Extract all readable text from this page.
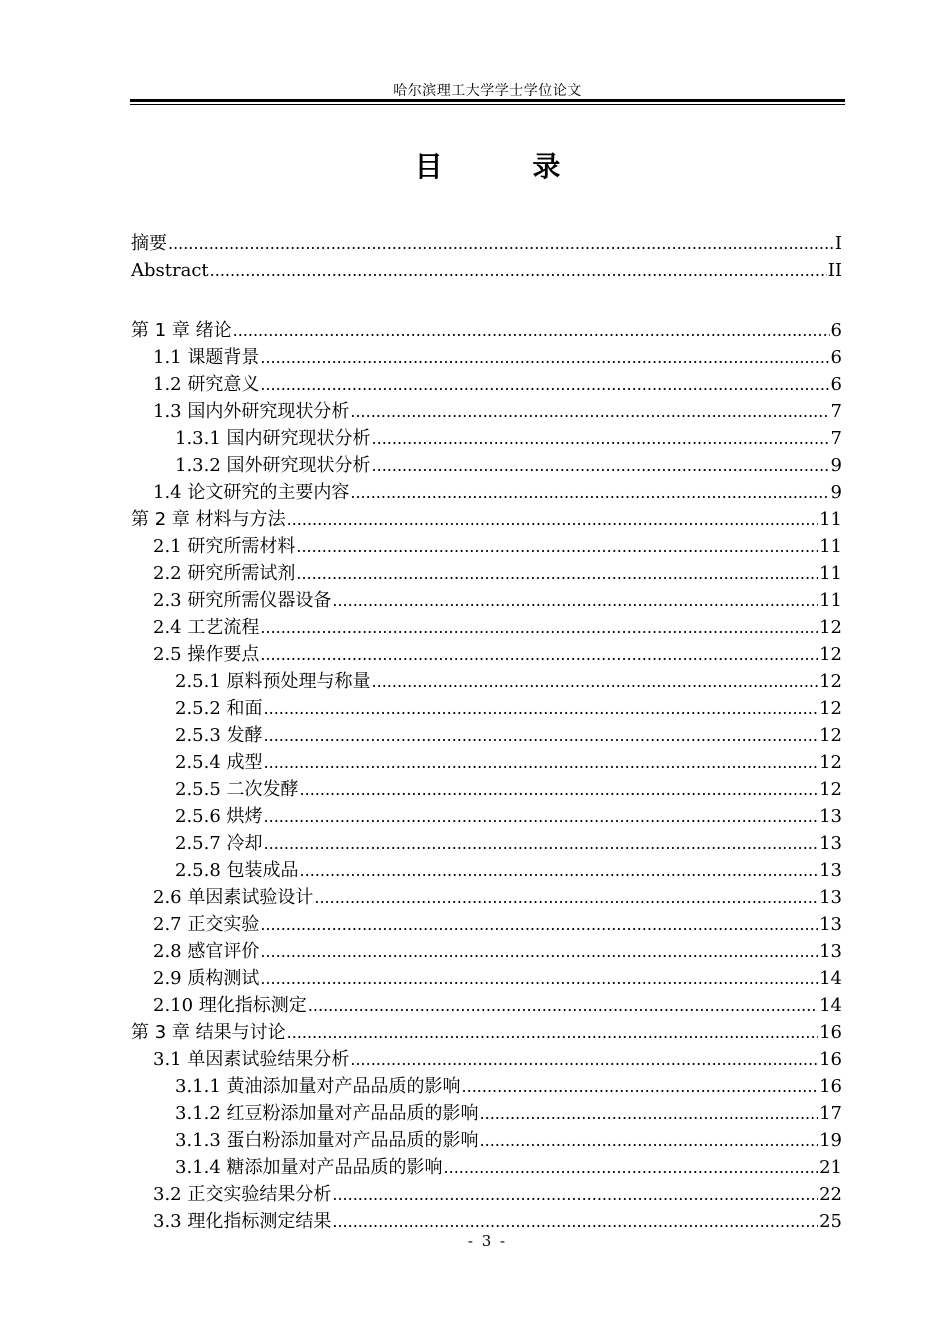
哈尔滨理工大学学士学位论文
目 录
摘要 .....	I
Abstract .....	II
第 1 章 绪论 .....	6
1.1 课题背景 .....	6
1.2 研究意义 .....	6
1.3 国内外研究现状分析 .....	7
1.3.1 国内研究现状分析 .....	7
1.3.2 国外研究现状分析 .....	9
1.4 论文研究的主要内容 .....	9
第 2 章 材料与方法 .....	11
2.1 研究所需材料 .....	11
2.2 研究所需试剂 .....	11
2.3 研究所需仪器设备 .....	11
2.4 工艺流程 .....	12
2.5 操作要点 .....	12
2.5.1 原料预处理与称量 .....	12
2.5.2 和面 .....	12
2.5.3 发酵 .....	12
2.5.4 成型 .....	12
2.5.5 二次发酵 .....	12
2.5.6 烘烤 .....	13
2.5.7 冷却 .....	13
2.5.8 包装成品 .....	13
2.6 单因素试验设计 .....	13
2.7 正交实验 .....	13
2.8 感官评价 .....	13
2.9 质构测试 .....	14
2.10 理化指标测定 .....	14
第 3 章 结果与讨论 .....	16
3.1 单因素试验结果分析 .....	16
3.1.1 黄油添加量对产品品质的影响 .....	16
3.1.2 红豆粉添加量对产品品质的影响 .....	17
3.1.3 蛋白粉添加量对产品品质的影响 .....	19
3.1.4 糖添加量对产品品质的影响 .....	21
3.2 正交实验结果分析 .....	22
3.3 理化指标测定结果 .....	25
- 3 -
